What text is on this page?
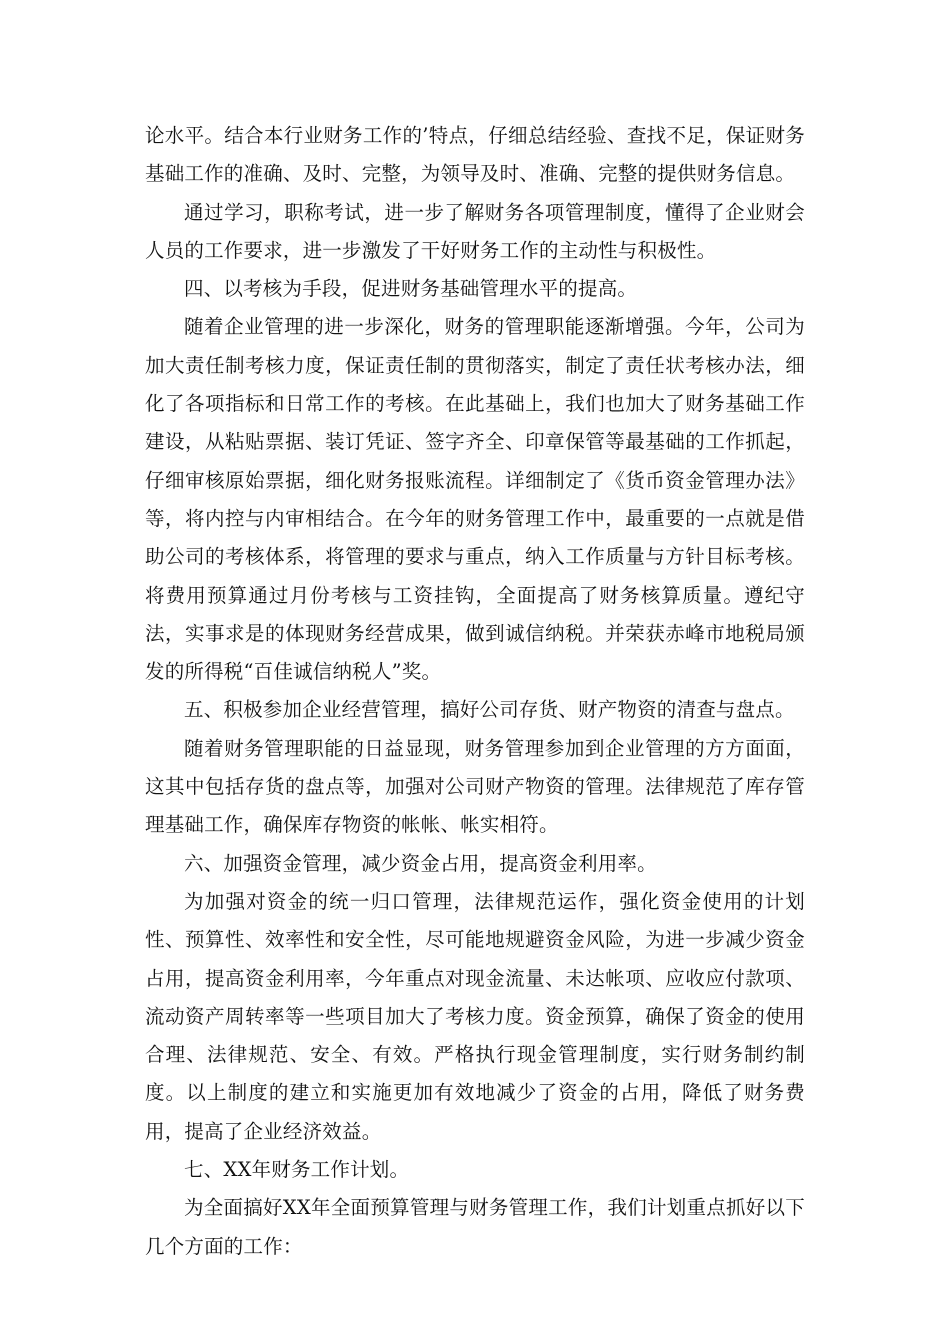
论水平。结合本行业财务工作的’特点，仔细总结经验、查找不足，保证财务基础工作的准确、及时、完整，为领导及时、准确、完整的提供财务信息。

通过学习，职称考试，进一步了解财务各项管理制度，懂得了企业财会人员的工作要求，进一步激发了干好财务工作的主动性与积极性。

四、以考核为手段，促进财务基础管理水平的提高。

随着企业管理的进一步深化，财务的管理职能逐渐增强。今年，公司为加大责任制考核力度，保证责任制的贯彻落实，制定了责任状考核办法，细化了各项指标和日常工作的考核。在此基础上，我们也加大了财务基础工作建设，从粘贴票据、装订凭证、签字齐全、印章保管等最基础的工作抓起，仔细审核原始票据，细化财务报账流程。详细制定了《货币资金管理办法》等，将内控与内审相结合。在今年的财务管理工作中，最重要的一点就是借助公司的考核体系，将管理的要求与重点，纳入工作质量与方针目标考核。将费用预算通过月份考核与工资挂钩，全面提高了财务核算质量。遵纪守法，实事求是的体现财务经营成果，做到诚信纳税。并荣获赤峰市地税局颁发的所得税“百佳诚信纳税人”奖。

五、积极参加企业经营管理，搞好公司存货、财产物资的清查与盘点。

随着财务管理职能的日益显现，财务管理参加到企业管理的方方面面，这其中包括存货的盘点等，加强对公司财产物资的管理。法律规范了库存管理基础工作，确保库存物资的帐帐、帐实相符。

六、加强资金管理，减少资金占用，提高资金利用率。

为加强对资金的统一归口管理，法律规范运作，强化资金使用的计划性、预算性、效率性和安全性，尽可能地规避资金风险，为进一步减少资金占用，提高资金利用率，今年重点对现金流量、未达帐项、应收应付款项、流动资产周转率等一些项目加大了考核力度。资金预算，确保了资金的使用合理、法律规范、安全、有效。严格执行现金管理制度，实行财务制约制度。以上制度的建立和实施更加有效地减少了资金的占用，降低了财务费用，提高了企业经济效益。

七、XX年财务工作计划。

为全面搞好XX年全面预算管理与财务管理工作，我们计划重点抓好以下几个方面的工作：
